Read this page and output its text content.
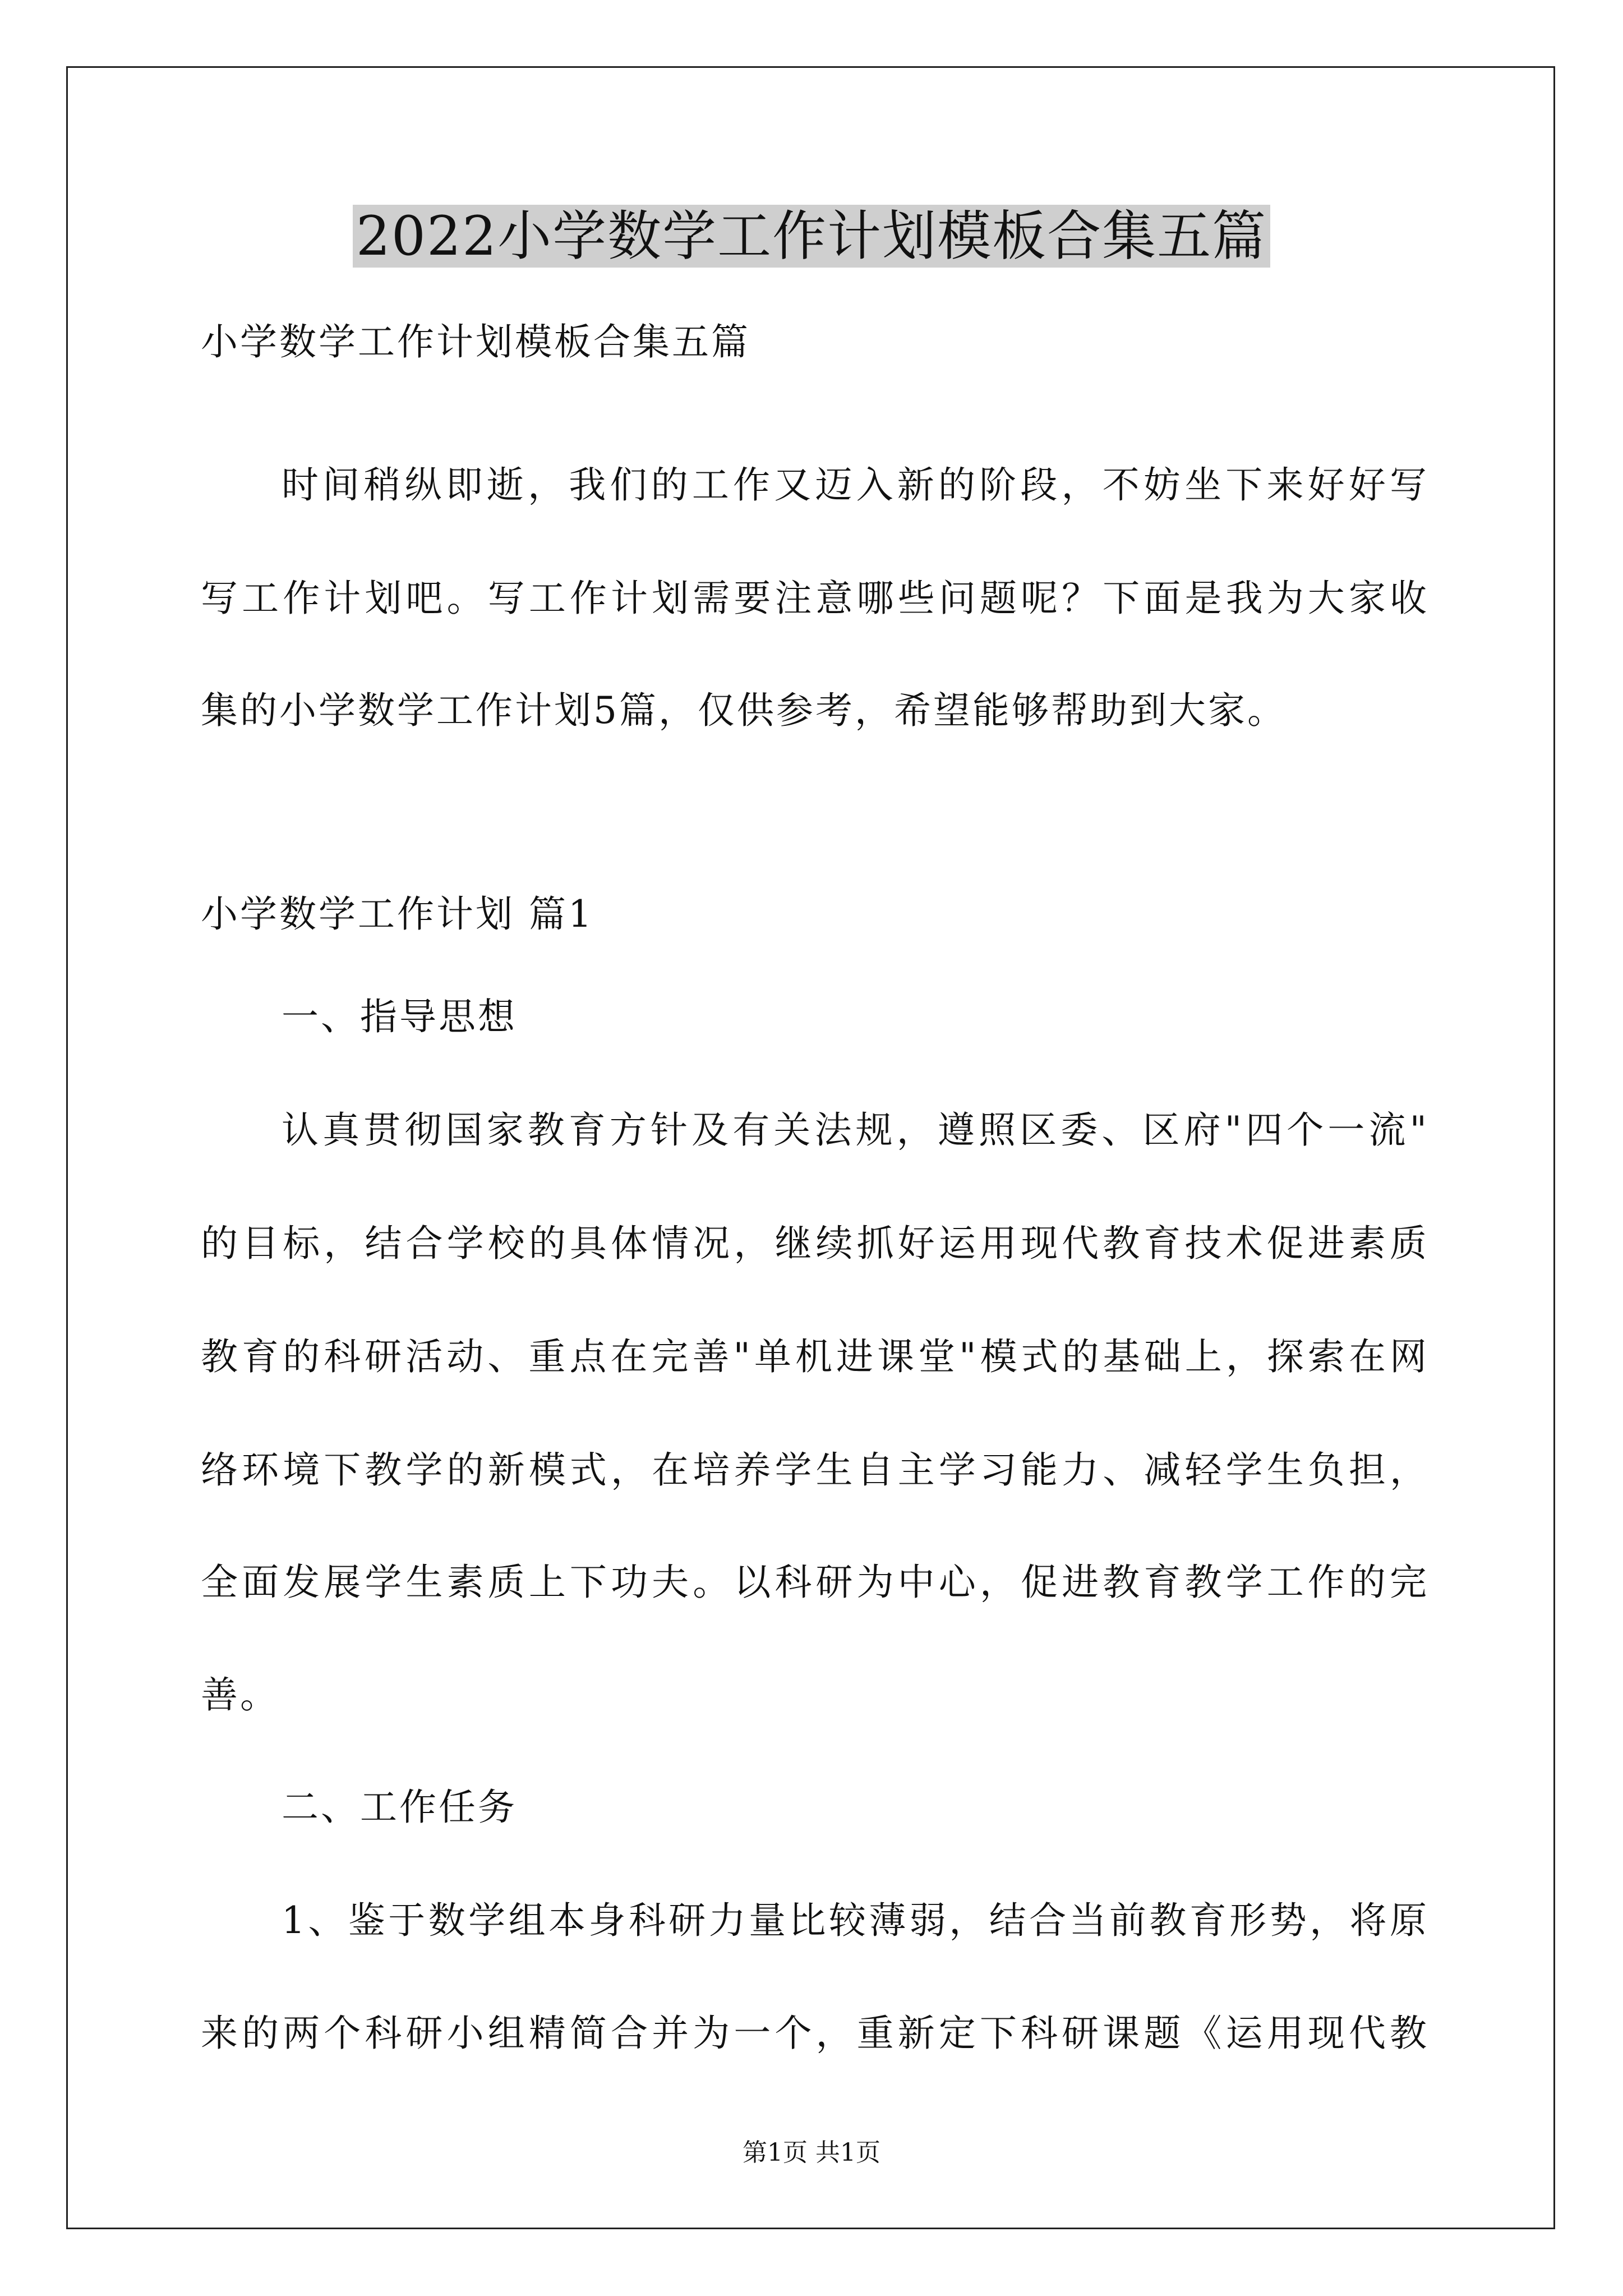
2022小学数学工作计划模板合集五篇
小学数学工作计划模板合集五篇
时间稍纵即逝，我们的工作又迈入新的阶段，不妨坐下来好好写
写工作计划吧。写工作计划需要注意哪些问题呢？下面是我为大家收
集的小学数学工作计划5篇，仅供参考，希望能够帮助到大家。
小学数学工作计划 篇1
一、指导思想
认真贯彻国家教育方针及有关法规，遵照区委、区府"四个一流"
的目标，结合学校的具体情况，继续抓好运用现代教育技术促进素质
教育的科研活动、重点在完善"单机进课堂"模式的基础上，探索在网
络环境下教学的新模式，在培养学生自主学习能力、减轻学生负担，
全面发展学生素质上下功夫。以科研为中心，促进教育教学工作的完
善。
二、工作任务
1、鉴于数学组本身科研力量比较薄弱，结合当前教育形势，将原
来的两个科研小组精简合并为一个，重新定下科研课题《运用现代教
第1页 共1页
